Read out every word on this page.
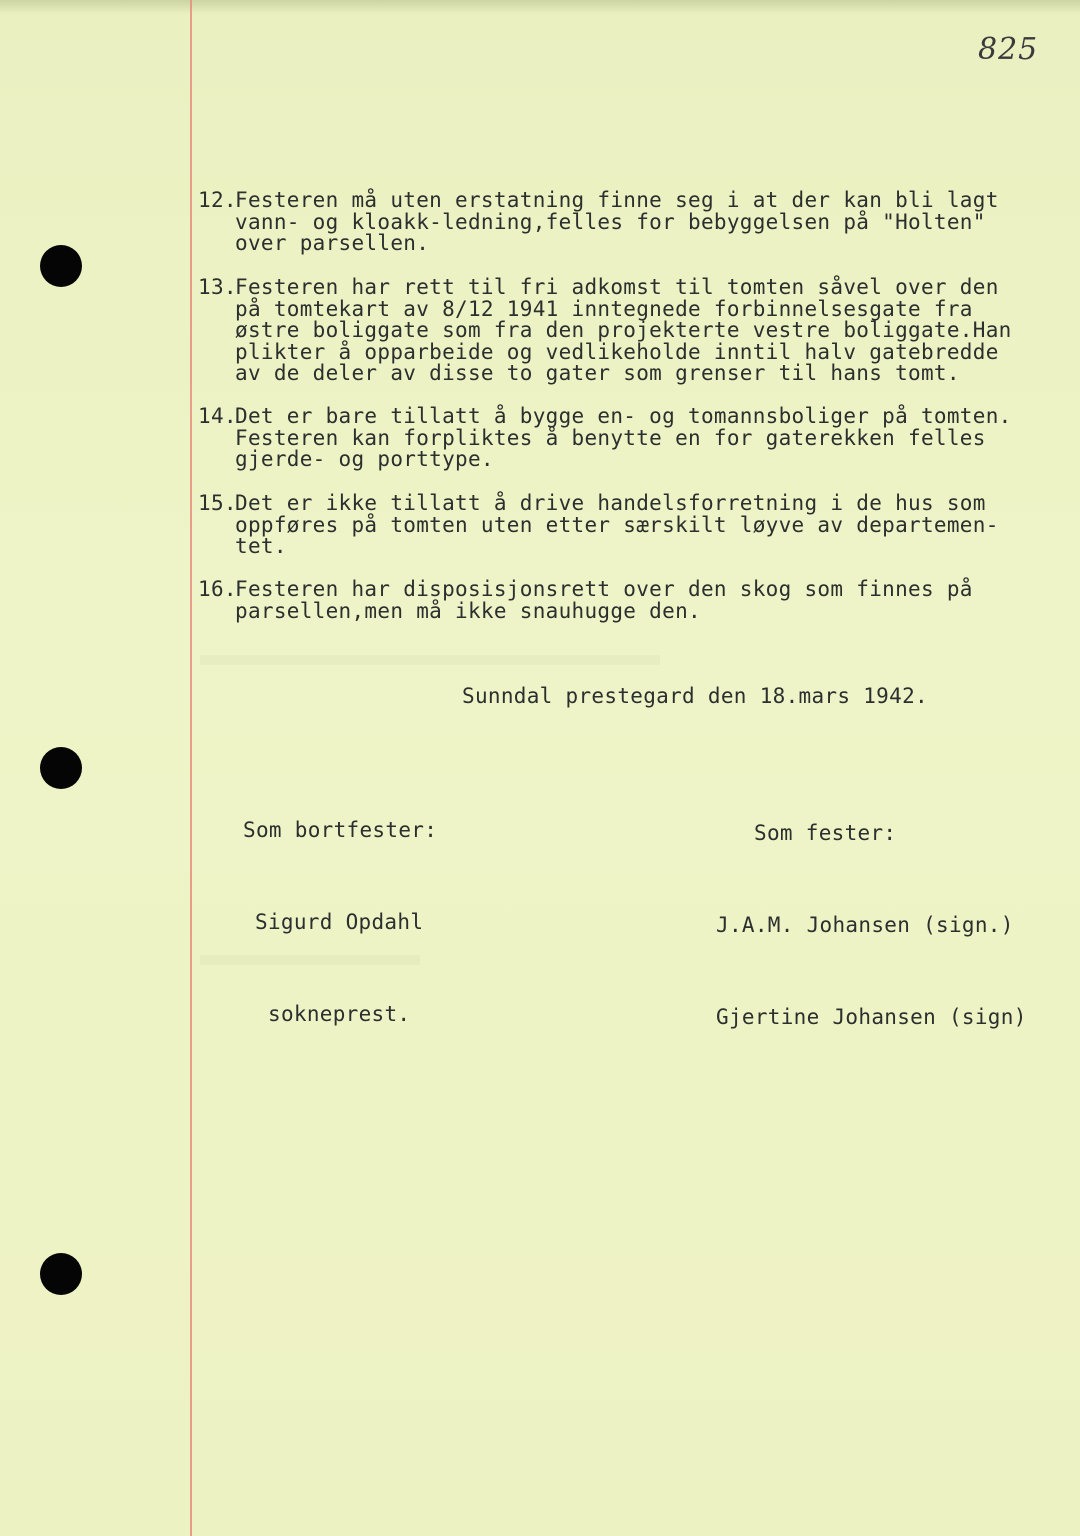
825
12.Festeren må uten erstatning finne seg i at der kan bli lagt
vann- og kloakk-ledning,felles for bebyggelsen på "Holten"
over parsellen.
13.Festeren har rett til fri adkomst til tomten såvel over den
på tomtekart av 8/12 1941 inntegnede forbinnelsesgate fra
østre boliggate som fra den projekterte vestre boliggate.Han
plikter å opparbeide og vedlikeholde inntil halv gatebredde
av de deler av disse to gater som grenser til hans tomt.
14.Det er bare tillatt å bygge en- og tomannsboliger på tomten.
Festeren kan forpliktes å benytte en for gaterekken felles
gjerde- og porttype.
15.Det er ikke tillatt å drive handelsforretning i de hus som
oppføres på tomten uten etter særskilt løyve av departemen-
tet.
16.Festeren har disposisjonsrett over den skog som finnes på
parsellen,men må ikke snauhugge den.
Sunndal prestegard den 18.mars 1942.

Som bortfester:

Sigurd Opdahl

sokneprest.

Som fester:

J.A.M. Johansen (sign.)

Gjertine Johansen (sign)
